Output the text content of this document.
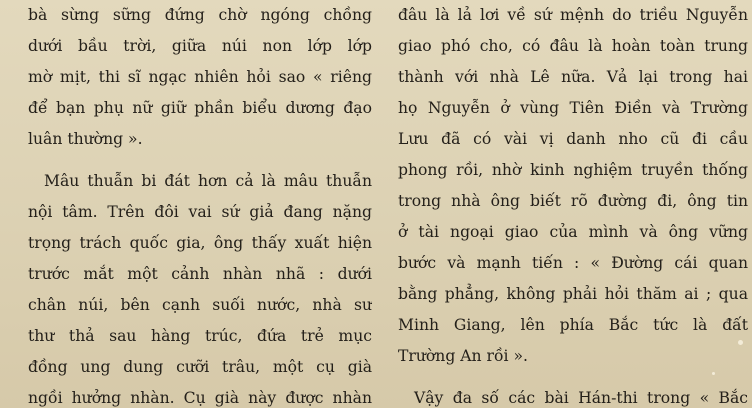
bà sừng sững đứng chờ ngóng chồng
dưới bầu trời, giữa núi non lớp lớp
mờ mịt, thi sĩ ngạc nhiên hỏi sao « riêng
để bạn phụ nữ giữ phần biểu dương đạo
luân thường ».
Mâu thuẫn bi đát hơn cả là mâu thuẫn
nội tâm. Trên đôi vai sứ giả đang nặng
trọng trách quốc gia, ông thấy xuất hiện
trước mắt một cảnh nhàn nhã : dưới
chân núi, bên cạnh suối nước, nhà sư
thư thả sau hàng trúc, đứa trẻ mục
đồng ung dung cưỡi trâu, một cụ già
ngồi hưởng nhàn. Cụ già này được nhàn
đâu là lả lơi về sứ mệnh do triều Nguyễn
giao phó cho, có đâu là hoàn toàn trung
thành với nhà Lê nữa. Vả lại trong hai
họ Nguyễn ở vùng Tiên Điền và Trường
Lưu đã có vài vị danh nho cũ đi cầu
phong rồi, nhờ kinh nghiệm truyền thống
trong nhà ông biết rõ đường đi, ông tin
ở tài ngoại giao của mình và ông vững
bước và mạnh tiến : « Đường cái quan
bằng phẳng, không phải hỏi thăm ai ; qua
Minh Giang, lên phía Bắc tức là đất
Trường An rồi ».
Vậy đa số các bài Hán-thi trong « Bắc
